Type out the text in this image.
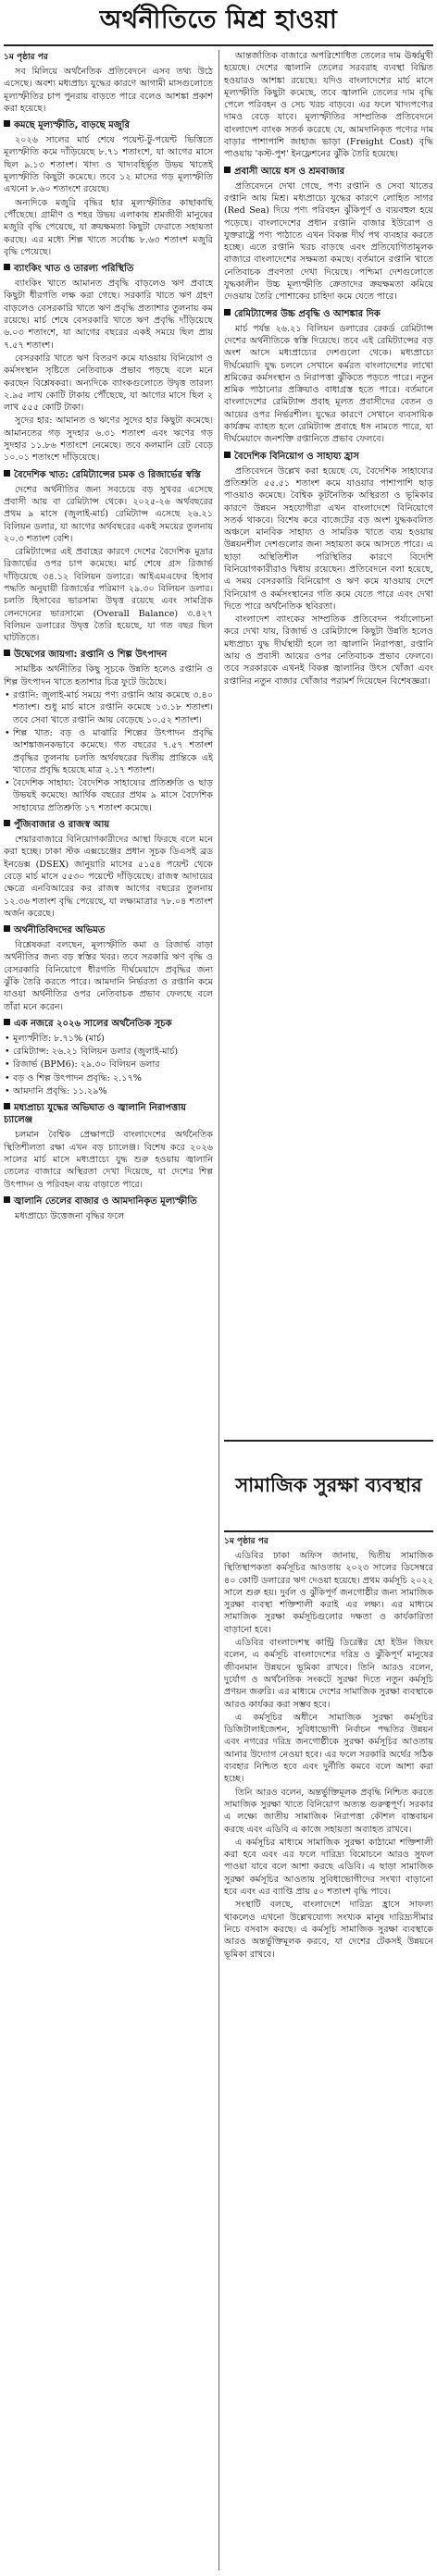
অর্থনীতিতে মিশ্র হাওয়া

১ম পৃষ্ঠার পর

সব মিলিয়ে অর্থনৈতিক প্রতিবেদনে এসব তথ্য উঠে এসেছে। অবশ্য মধ্যপ্রাচ্য যুদ্ধের কারণে আগামী মাসগুলোতে মূল্যস্ফীতির চাপ পুনরায় বাড়তে পারে বলেও আশঙ্কা প্রকাশ করা হয়েছে।

কমছে মূল্যস্ফীতি, বাড়ছে মজুরি

২০২৬ সালের মার্চ শেষে পয়েন্ট-টু-পয়েন্ট ভিত্তিতে মূল্যস্ফীতি কমে দাঁড়িয়েছে ৮.৭১ শতাংশে, যা আগের মাসে ছিল ৯.১৩ শতাংশ। খাদ্য ও খাদ্যবহির্ভূত উভয় খাতেই মূল্যস্ফীতি কিছুটা কমেছে। তবে ১২ মাসের গড় মূল্যস্ফীতি এখনো ৮.৬০ শতাংশে রয়েছে।

অন্যদিকে মজুরি বৃদ্ধির হার মূল্যস্ফীতির কাছাকাছি পৌঁছেছে। গ্রামীণ ও শহর উভয় এলাকায় শ্রমজীবী মানুষের মজুরি বৃদ্ধি পেয়েছে, যা ক্রয়ক্ষমতা কিছুটা ফেরাতে সহায়তা করছে। এর মধ্যে শিল্প খাতে সর্বোচ্চ ৮.৬৩ শতাংশ মজুরি বৃদ্ধি পেয়েছে।

ব্যাংকিং খাত ও তারল্য পরিস্থিতি

ব্যাংকিং খাতে আমানত প্রবৃদ্ধি বাড়লেও ঋণ প্রবাহে কিছুটা ধীরগতি লক্ষ করা গেছে। সরকারি খাতে ঋণ গ্রহণ বাড়লেও বেসরকারি খাতে ঋণ প্রবৃদ্ধি প্রত্যাশার তুলনায় কম রয়েছে। মার্চ শেষে বেসরকারি খাতে ঋণ প্রবৃদ্ধি দাঁড়িয়েছে ৬.০৩ শতাংশে, যা আগের বছরের একই সময়ে ছিল প্রায় ৭.৫৭ শতাংশ।

বেসরকারি খাতে ঋণ বিতরণ কমে যাওয়ায় বিনিয়োগ ও কর্মসংস্থান সৃষ্টিতে নেতিবাচক প্রভাব পড়ছে বলে মনে করছেন বিশ্লেষকরা। অন্যদিকে ব্যাংকগুলোতে উদ্বৃত্ত তারল্য ২.৯৫ লাখ কোটি টাকায় পৌঁছেছে, যা আগের মাসে ছিল ২ লাখ ৫৫৫ কোটি টাকা।

সুদের হার: আমানত ও ঋণের সুদের হার কিছুটা কমেছে। আমানতের গড় সুদহার ৬.৩১ শতাংশ এবং ঋণের গড় সুদহার ১১.৮৬ শতাংশে নেমেছে। তবে কলমানি রেট বেড়ে ১০.০১ শতাংশে দাঁড়িয়েছে।

বৈদেশিক খাত: রেমিট্যান্সের চমক ও রিজার্ভের স্বস্তি

দেশের অর্থনীতির জন্য সবচেয়ে বড় সুখবর এসেছে প্রবাসী আয় বা রেমিট্যান্স থেকে। ২০২৫-২৬ অর্থবছরের প্রথম ৯ মাসে (জুলাই-মার্চ) রেমিট্যান্স এসেছে ২৬.২১ বিলিয়ন ডলার, যা আগের অর্থবছরের একই সময়ের তুলনায় ২০.৩ শতাংশ বেশি।

রেমিট্যান্সের এই প্রবাহের কারণে দেশের বৈদেশিক মুদ্রার রিজার্ভের ওপর চাপ কমেছে। মার্চ শেষে গ্রস রিজার্ভ দাঁড়িয়েছে ৩৪.১২ বিলিয়ন ডলারে। আইএমএফের হিসাব পদ্ধতি অনুযায়ী রিজার্ভের পরিমাণ ২৯.৩০ বিলিয়ন ডলার। চলতি হিসাবের ভারসাম্য উদ্বৃত্ত রয়েছে এবং সামগ্রিক লেনদেনের ভারসাম্যে (Overall Balance) ৩.৪২৭ বিলিয়ন ডলারের উদ্বৃত্ত তৈরি হয়েছে, যা গত বছর ছিল ঘাটতিতে।

উদ্বেগের জায়গা: রপ্তানি ও শিল্প উৎপাদন

সামষ্টিক অর্থনীতির কিছু সূচকে উন্নতি হলেও রপ্তানি ও শিল্প উৎপাদন খাতে হতাশার চিত্র ফুটে উঠেছে।

• রপ্তানি: জুলাই-মার্চ সময়ে পণ্য রপ্তানি আয় কমেছে ৩.৪০ শতাংশ। শুধু মার্চ মাসে রপ্তানি কমেছে ১৩.১৮ শতাংশ। তবে সেবা খাতে রপ্তানি আয় বেড়েছে ১০.৫২ শতাংশ।

• শিল্প খাত: বড় ও মাঝারি শিল্পের উৎপাদন প্রবৃদ্ধি আশঙ্কাজনকভাবে কমেছে। গত বছরের ৭.৫৭ শতাংশ প্রবৃদ্ধির তুলনায় চলতি অর্থবছরের দ্বিতীয় প্রান্তিকে এই খাতের প্রবৃদ্ধি হয়েছে মাত্র ২.১৭ শতাংশ।

• বৈদেশিক সাহায্য: বৈদেশিক সাহায্যের প্রতিশ্রুতি ও ছাড় উভয়ই কমেছে। আর্থিক বছরের প্রথম ৯ মাসে বৈদেশিক সাহায্যের প্রতিশ্রুতি ১৭ শতাংশ কমেছে।

পুঁজিবাজার ও রাজস্ব আয়

শেয়ারবাজারে বিনিয়োগকারীদের আস্থা ফিরছে বলে মনে করা হচ্ছে। ঢাকা স্টক এক্সচেঞ্জের প্রধান সূচক ডিএসই ব্রড ইনডেক্স (DSEX) জানুয়ারি মাসের ৫১৫৪ পয়েন্ট থেকে বেড়ে মার্চ মাসে ৫৫৩০ পয়েন্টে দাঁড়িয়েছে। রাজস্ব আদায়ের ক্ষেত্রে এনবিআরের কর রাজস্ব আগের বছরের তুলনায় ১২.৩৬ শতাংশ বৃদ্ধি পেয়েছে, যা লক্ষ্যমাত্রার ৭৮.০৪ শতাংশ অর্জন করেছে।

অর্থনীতিবিদদের অভিমত

বিশ্লেষকরা বলছেন, মূল্যস্ফীতি কমা ও রিজার্ভ বাড়া অর্থনীতির জন্য বড় স্বস্তির খবর। তবে সরকারি ঋণ বৃদ্ধি ও বেসরকারি বিনিয়োগে ধীরগতি দীর্ঘমেয়াদে প্রবৃদ্ধির জন্য ঝুঁকি তৈরি করতে পারে। আমদানি নির্ভরতা ও রপ্তানি কমে যাওয়া অর্থনীতির ওপর নেতিবাচক প্রভাব ফেলছে বলে তাঁরা মনে করেন।

এক নজরে ২০২৬ সালের অর্থনৈতিক সূচক

• মূল্যস্ফীতি: ৮.৭১% (মার্চ)

• রেমিট্যান্স: ২৬.২১ বিলিয়ন ডলার (জুলাই-মার্চ)

• রিজার্ভ (BPM6): ২৯.৩০ বিলিয়ন ডলার

• বড় ও শিল্প উৎপাদন প্রবৃদ্ধি: ২.১৭%

• আমদানি প্রবৃদ্ধি: ১১.২৯%

মধ্যপ্রাচ্য যুদ্ধের অভিঘাত ও জ্বালানি নিরাপত্তায় চ্যালেঞ্জ

চলমান বৈশ্বিক প্রেক্ষাপটে বাংলাদেশের অর্থনৈতিক স্থিতিশীলতা রক্ষা এখন বড় চ্যালেঞ্জ। বিশেষ করে ২০২৬ সালের মার্চ মাসে মধ্যপ্রাচ্যে যুদ্ধ শুরু হওয়ায় জ্বালানি তেলের বাজারে অস্থিরতা দেখা দিয়েছে, যা দেশের শিল্প উৎপাদন ও পরিবহন ব্যয় বাড়াতে পারে।

জ্বালানি তেলের বাজার ও আমদানিকৃত মূল্যস্ফীতি

মধ্যপ্রাচ্যে উত্তেজনা বৃদ্ধির ফলে

আন্তর্জাতিক বাজারে অপরিশোধিত তেলের দাম ঊর্ধ্বমুখী হয়েছে। দেশের জ্বালানি তেলের সরবরাহ ব্যবস্থা বিঘ্নিত হওয়ারও আশঙ্কা রয়েছে। যদিও বাংলাদেশের মার্চ মাসে মূল্যস্ফীতি কিছুটা কমেছে, তবে জ্বালানি তেলের দাম বৃদ্ধি পেলে পরিবহন ও সেচ খরচ বাড়বে। এর ফলে খাদ্যপণ্যের দামও বেড়ে যাবে। মূল্যস্ফীতির সাম্প্রতিক প্রতিবেদনে বাংলাদেশ ব্যাংক সতর্ক করেছে যে, আমদানিকৃত পণ্যের দাম বাড়ার পাশাপাশি জাহাজ ভাড়া (Freight Cost) বৃদ্ধি পাওয়ায় 'কস্ট-পুশ' ইনফ্লেশনের ঝুঁকি তৈরি হয়েছে।

প্রবাসী আয়ে ধস ও শ্রমবাজার

প্রতিবেদনে দেখা গেছে, পণ্য রপ্তানি ও সেবা খাতের রপ্তানি আয় মিশ্র। মধ্যপ্রাচ্যে যুদ্ধের কারণে লোহিত সাগর (Red Sea) দিয়ে পণ্য পরিবহন ঝুঁকিপূর্ণ ও ব্যয়বহুল হয়ে পড়েছে। বাংলাদেশের প্রধান রপ্তানি বাজার ইউরোপ ও যুক্তরাষ্ট্রে পণ্য পাঠাতে এখন বিকল্প দীর্ঘ পথ ব্যবহার করতে হচ্ছে। এতে রপ্তানি খরচ বাড়ছে এবং প্রতিযোগিতামূলক বাজারে বাংলাদেশের সক্ষমতা কমছে। বর্তমানে রপ্তানি খাতে নেতিবাচক প্রবণতা দেখা দিয়েছে। পশ্চিমা দেশগুলোতে যুদ্ধকালীন উচ্চ মূল্যস্ফীতি ক্রেতাদের ক্রয়ক্ষমতা কমিয়ে দেওয়ায় তৈরি পোশাকের চাহিদা কমে যেতে পারে।

রেমিট্যান্সের উচ্চ প্রবৃদ্ধি ও আশঙ্কার দিক

মার্চ পর্যন্ত ২৬.২১ বিলিয়ন ডলারের রেকর্ড রেমিট্যান্স দেশের অর্থনীতিকে স্বস্তি দিয়েছে। তবে এই রেমিট্যান্সের বড় অংশ আসে মধ্যপ্রাচ্যের দেশগুলো থেকে। মধ্যপ্রাচ্যে দীর্ঘমেয়াদি যুদ্ধ চললে সেখানে কর্মরত বাংলাদেশের লাখো শ্রমিকের কর্মসংস্থান ও নিরাপত্তা ঝুঁকিতে পড়তে পারে। নতুন শ্রমিক পাঠানোর প্রক্রিয়াও বাধাগ্রস্ত হতে পারে। বর্তমানে বাংলাদেশের রেমিট্যান্স প্রবাহ মূলত প্রবাসীদের বেতন ও আয়ের ওপর নির্ভরশীল। যুদ্ধের কারণে সেখানে ব্যবসায়িক কার্যক্রম ব্যাহত হলে রেমিট্যান্স প্রবাহে ধস নামতে পারে, যা দীর্ঘমেয়াদে জনশক্তি রপ্তানিতে প্রভাব ফেলবে।

বৈদেশিক বিনিয়োগ ও সাহায্য হ্রাস

প্রতিবেদনে উল্লেখ করা হয়েছে যে, বৈদেশিক সাহায্যের প্রতিশ্রুতি ৫৫.৫১ শতাংশ কমে যাওয়ার পাশাপাশি ছাড় পাওয়াও কমেছে। বৈশ্বিক কূটনৈতিক অস্থিরতা ও ভূমিকার কারণে উন্নয়ন সহযোগীরা এখন বাংলাদেশে বিনিয়োগে সতর্ক থাকবে। বিশেষ করে বাজেটের বড় অংশ যুদ্ধকবলিত অঞ্চলে মানবিক সাহায্য ও সামরিক খাতে ব্যয় হওয়ায় উন্নয়নশীল দেশগুলোর জন্য সহায়তা কমে আসতে পারে। এ ছাড়া অস্থিতিশীল পরিস্থিতির কারণে বিদেশি বিনিয়োগকারীরাও দ্বিধায় রয়েছেন। প্রতিবেদনে বলা হয়েছে, এ সময় বেসরকারি বিনিয়োগ ও ঋণ কমে যাওয়ায় দেশে বিনিয়োগ ও কর্মসংস্থানের গতি কমে যেতে পারে এবং দেখা দিতে পারে অর্থনৈতিক স্থবিরতা।

বাংলাদেশ ব্যাংকের সাম্প্রতিক প্রতিবেদন পর্যালোচনা করে দেখা যায়, রিজার্ভ ও রেমিট্যান্সে কিছুটা উন্নতি হলেও মধ্যপ্রাচ্য যুদ্ধ দীর্ঘস্থায়ী হলে তা জ্বালানি নিরাপত্তা, রপ্তানি আয় ও প্রবাসী আয়ের ওপর নেতিবাচক প্রভাব ফেলবে। তবে সরকারকে এখনই বিকল্প জ্বালানির উৎস খোঁজা এবং রপ্তানির নতুন বাজার খোঁজার পরামর্শ দিয়েছেন বিশেষজ্ঞরা।

সামাজিক সুরক্ষা ব্যবস্থার

১ম পৃষ্ঠার পর

এডিবির ঢাকা অফিস জানায়, দ্বিতীয় সামাজিক স্থিতিস্থাপকতা কর্মসূচির আওতায় ২০২৩ সালের ডিসেম্বরে ৪০ কোটি ডলারের ঋণ দেওয়া হয়েছে। প্রথম কর্মসূচি ২০২২ সালে শুরু হয়। দুর্বল ও ঝুঁকিপূর্ণ জনগোষ্ঠীর জন্য সামাজিক সুরক্ষা ব্যবস্থা শক্তিশালী করাই এর লক্ষ্য। এর মাধ্যমে সামাজিক সুরক্ষা কর্মসূচিগুলোর দক্ষতা ও কার্যকারিতা বাড়ানো হবে।

এডিবির বাংলাদেশস্থ কান্ট্রি ডিরেক্টর হো ইউন জিয়ং বলেন, এ কর্মসূচি বাংলাদেশের দরিদ্র ও ঝুঁকিপূর্ণ মানুষের জীবনমান উন্নয়নে ভূমিকা রাখবে। তিনি আরও বলেন, দুর্যোগ ও অর্থনৈতিক সংকটে সুরক্ষা দিতে নতুন কর্মসূচি প্রণয়ন জরুরি। এর মাধ্যমে দেশের সামাজিক সুরক্ষা ব্যবস্থাকে আরও কার্যকর করা সম্ভব হবে।

এ কর্মসূচির অধীনে সামাজিক সুরক্ষা কর্মসূচির ডিজিটালাইজেশন, সুবিধাভোগী নির্বাচন পদ্ধতির উন্নয়ন এবং নগরের দরিদ্র জনগোষ্ঠীকে সুরক্ষা কর্মসূচির আওতায় আনার উদ্যোগ নেওয়া হবে। এর ফলে সরকারি অর্থের সঠিক ব্যবহার নিশ্চিত হবে এবং দুর্নীতি কমবে বলে আশা করা হচ্ছে।

তিনি আরও বলেন, অন্তর্ভুক্তিমূলক প্রবৃদ্ধি নিশ্চিত করতে সামাজিক সুরক্ষা খাতে বিনিয়োগ অত্যন্ত গুরুত্বপূর্ণ। সরকার এ লক্ষ্যে জাতীয় সামাজিক নিরাপত্তা কৌশল বাস্তবায়ন করছে এবং এডিবি এ কাজে সহায়তা অব্যাহত রাখবে।

এ কর্মসূচির মাধ্যমে সামাজিক সুরক্ষা কাঠামো শক্তিশালী করা হবে এবং এর ফলে দারিদ্র্য বিমোচনে আরও সুফল পাওয়া যাবে বলে আশা করছে এডিবি। এ ছাড়া সামাজিক সুরক্ষা কর্মসূচির আওতায় সুবিধাভোগীদের সংখ্যা বাড়ানো হবে এবং এর ব্যাপ্তি প্রায় ৫০ শতাংশ বৃদ্ধি পাবে।

সংস্থাটি বলছে, বাংলাদেশে দারিদ্র্য হ্রাসে সাফল্য থাকলেও এখনো উল্লেখযোগ্য সংখ্যক মানুষ দারিদ্র্যসীমার নিচে বসবাস করছে। এ কর্মসূচি সামাজিক সুরক্ষা ব্যবস্থাকে আরও অন্তর্ভুক্তিমূলক করবে, যা দেশের টেকসই উন্নয়নে ভূমিকা রাখবে।
